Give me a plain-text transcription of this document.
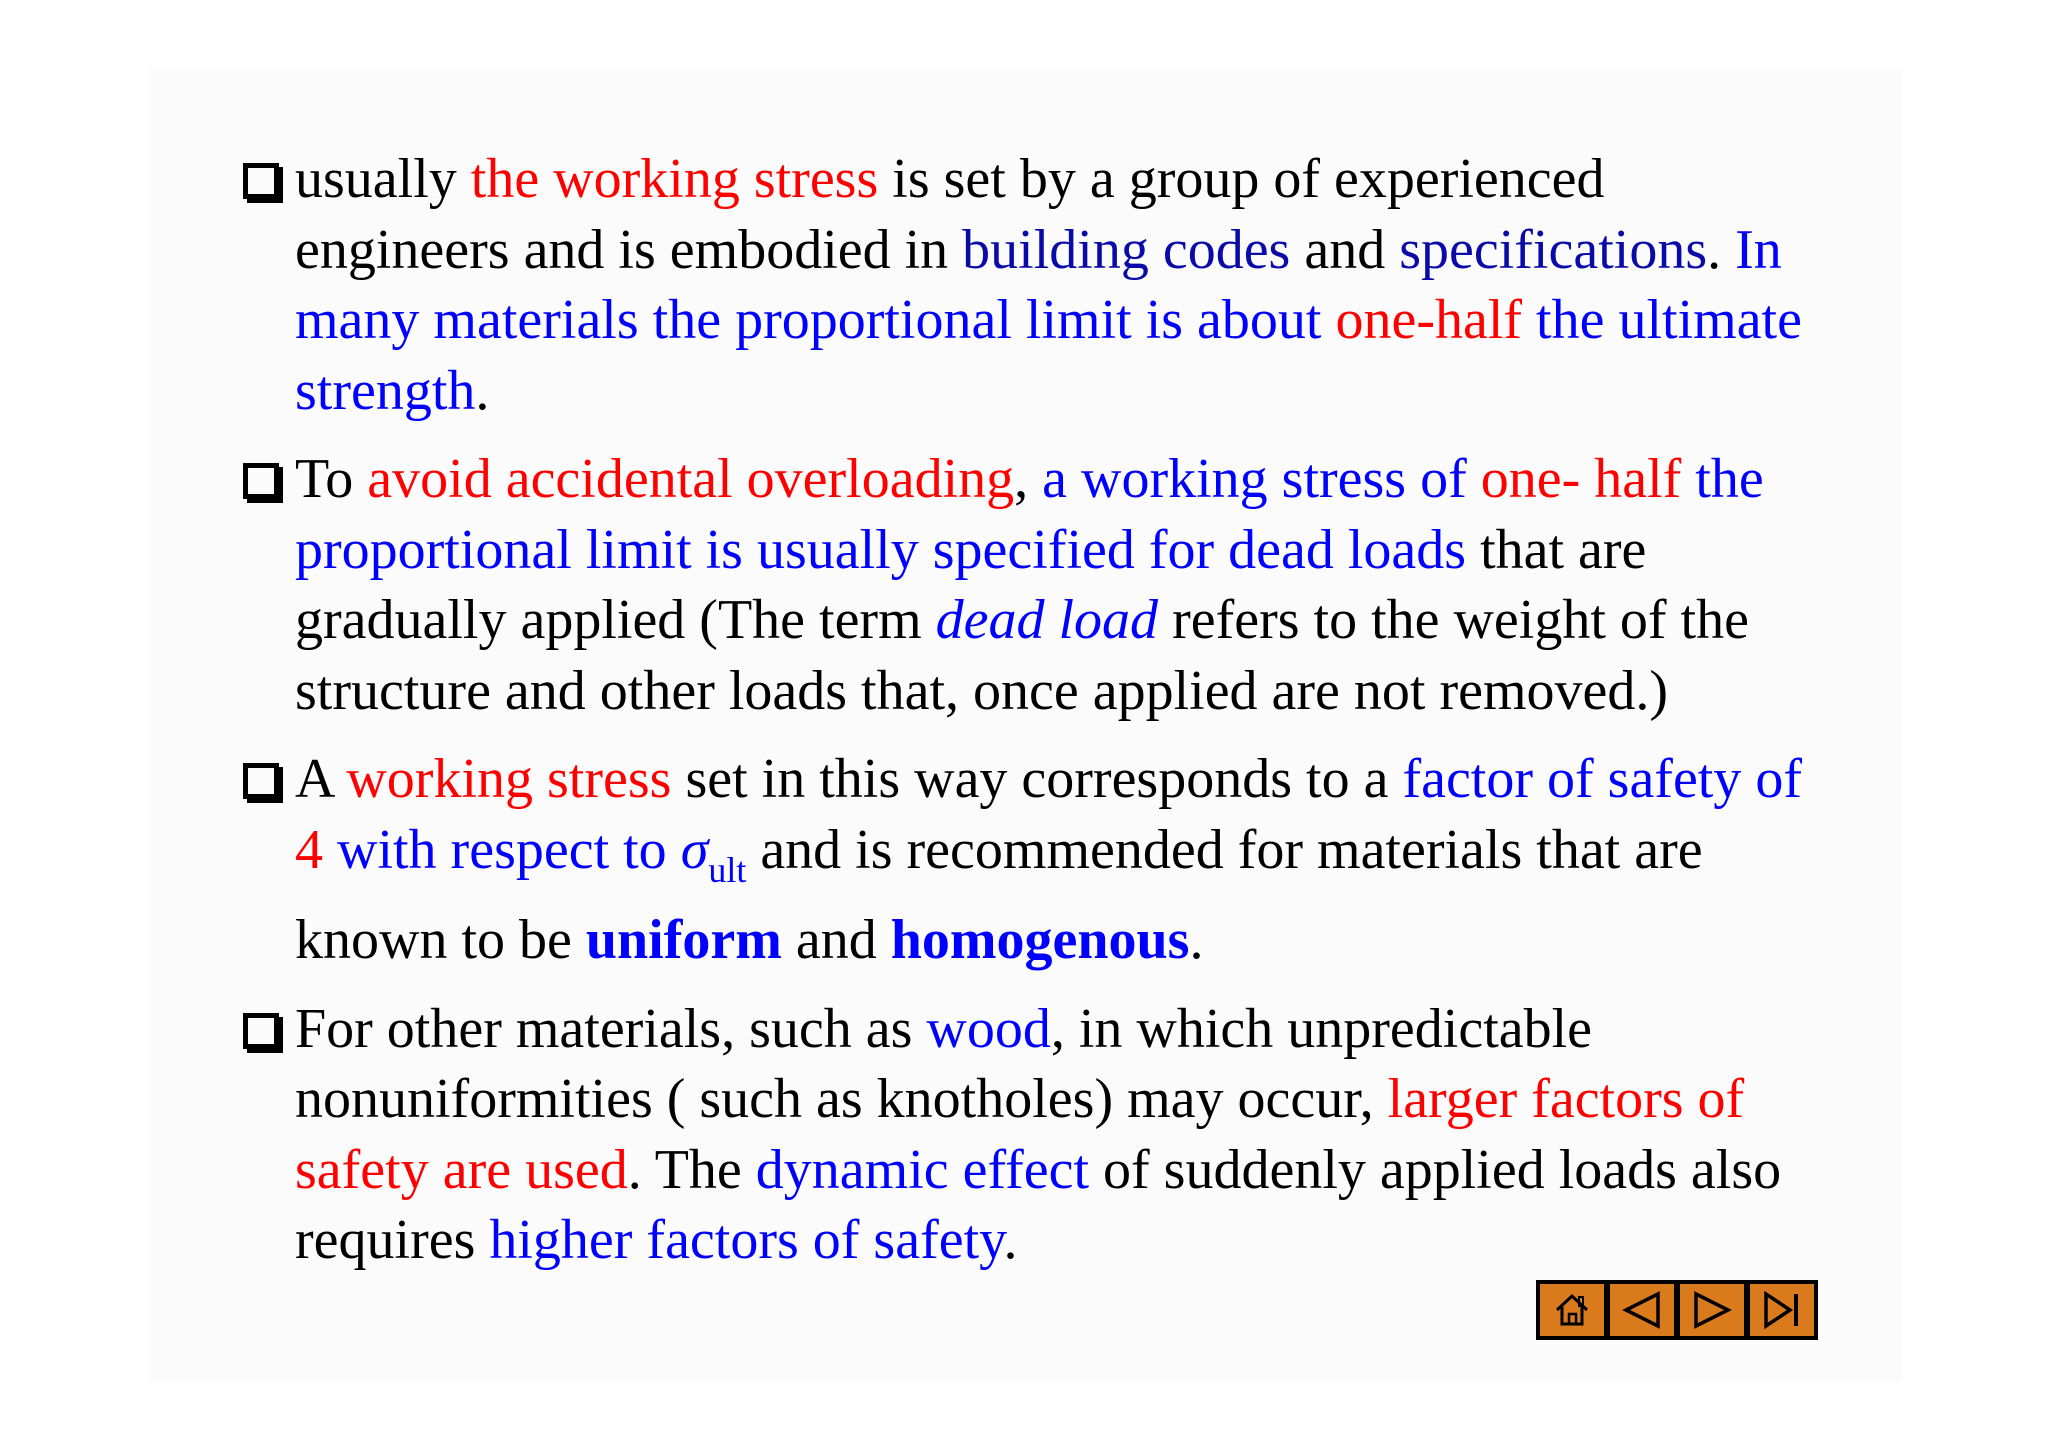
usually the working stress is set by a group of experienced engineers and is embodied in building codes and specifications. In many materials the proportional limit is about one-half the ultimate strength.
To avoid accidental overloading, a working stress of one- half the proportional limit is usually specified for dead loads that are gradually applied (The term dead load refers to the weight of the structure and other loads that, once applied are not removed.)
A working stress set in this way corresponds to a factor of safety of 4 with respect to $\sigma_{ult}$ and is recommended for materials that are known to be uniform and homogenous.
For other materials, such as wood, in which unpredictable nonuniformities ( such as knotholes) may occur, larger factors of safety are used. The dynamic effect of suddenly applied loads also requires higher factors of safety.
